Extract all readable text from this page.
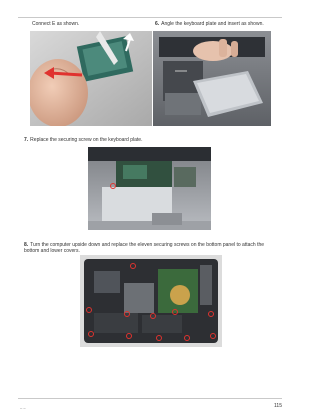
Connect E as shown.	6. Angle the keyboard plate and insert as shown.
7. Replace the securing screw on the keyboard plate.
8. Turn the computer upside down and replace the eleven securing screws on the bottom panel to attach the bottom and lower covers.
‒ ‒	115
